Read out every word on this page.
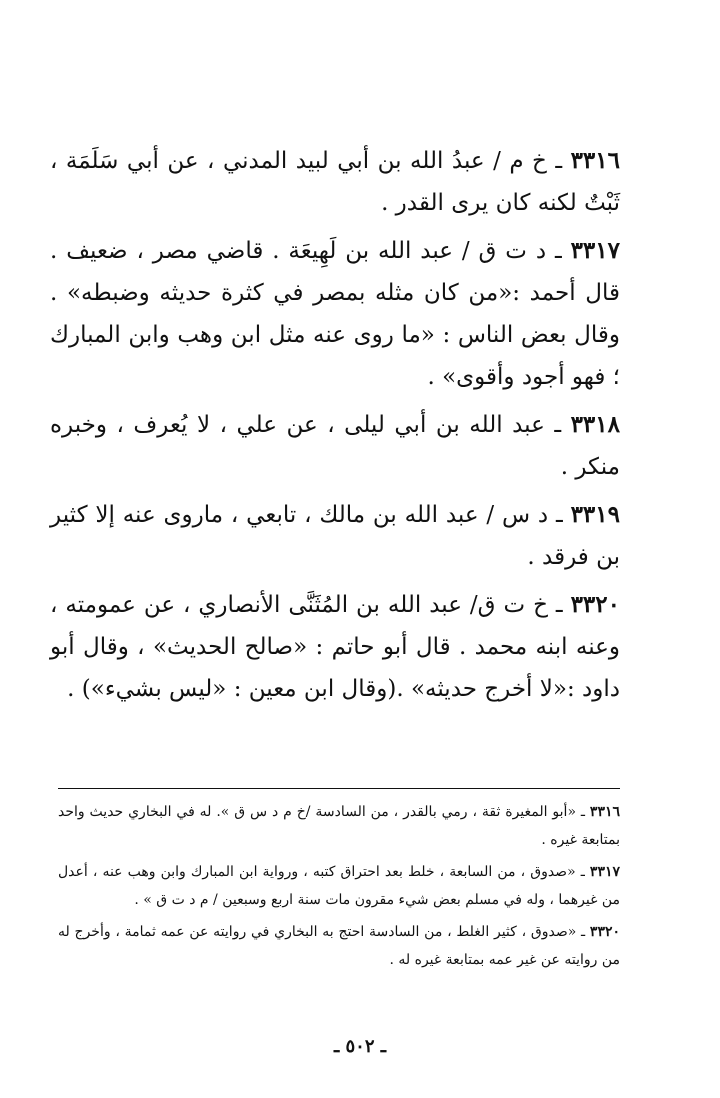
٣٣١٦ ـ خ م / عبدُ الله بن أبي لبيد المدني ، عن أبي سَلَمَة ، ثَبْتٌ لكنه كان يرى القدر .

٣٣١٧ ـ د ت ق / عبد الله بن لَهِيعَة . قاضي مصر ، ضعيف . قال أحمد :«من كان مثله بمصر في كثرة حديثه وضبطه» . وقال بعض الناس : «ما روى عنه مثل ابن وهب وابن المبارك ؛ فهو أجود وأقوى» .

٣٣١٨ ـ عبد الله بن أبي ليلى ، عن علي ، لا يُعرف ، وخبره منكر .

٣٣١٩ ـ د س / عبد الله بن مالك ، تابعي ، ماروى عنه إلا كثير بن فرقد .

٣٣٢٠ ـ خ ت ق/ عبد الله بن المُثَنَّى الأنصاري ، عن عمومته ، وعنه ابنه محمد . قال أبو حاتم : «صالح الحديث» ، وقال أبو داود :«لا أخرج حديثه» .(وقال ابن معين : «ليس بشيء») .

٣٣١٦ ـ «أبو المغيرة ثقة ، رمي بالقدر ، من السادسة /خ م د س ق ». له في البخاري حديث واحد بمتابعة غيره .

٣٣١٧ ـ «صدوق ، من السابعة ، خلط بعد احتراق كتبه ، ورواية ابن المبارك وابن وهب عنه ، أعدل من غيرهما ، وله في مسلم بعض شيء مقرون مات سنة اربع وسبعين / م د ت ق » .

٣٣٢٠ ـ «صدوق ، كثير الغلط ، من السادسة احتج به البخاري في روايته عن عمه ثمامة ، وأخرج له من روايته عن غير عمه بمتابعة غيره له .

ـ ٥٠٢ ـ
